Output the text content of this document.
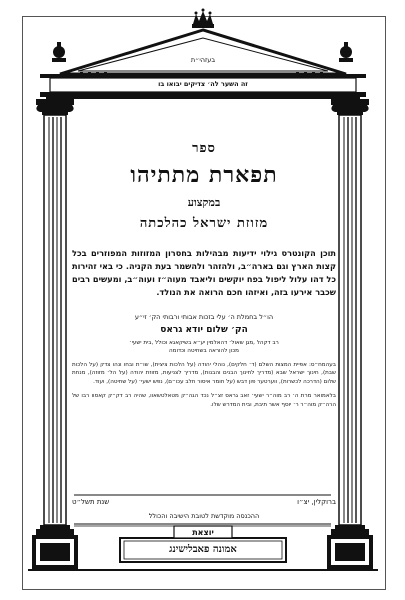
בעזהי״ת
זה השער לה׳ צדיקים יבואו בו
ספר
תפארת מתתיהו
במקצוע
מזוזת ישראל כהלכתה
תוכן הקונטרס גילוי ידיעות מבהילות בחסרון המזוזות המפוזרים בכל קצות הארץ וגם בארה״ב, ולהזהר ולהשמר בעת הקניה. כי באי זהירות כל דהו עלול ליפול בפח יוקשים וליאבד מעוה״ז ועוה״ב, ומעשים רבים שכבר אירעו בזה, ואיזהו חכם הרואה את הנולד.
הו״ל בחמלת ה׳ עלי בזכות אבותי ורבותי הק׳ זי״ע
הק׳ שלום יודא גראס
רב דקהל ,מגן שאול׳ דהאלמין יע״א בשיקאגא וכולל ,בית ישעי׳
מכון להוראה בשחיטה וכדומה
בעהמח״ס: אפיית המצות השלם (ד׳ חלקים), נוהלי יהודה (על הלכות ציצית), שו״ת ובחו ונהו צדק (על הלכות שבת), חינוך ישראל שבא (מדריך לחינוך הבנים והבנות), מדריך לצניעות, מזוזת יהודה (על הל׳ מזוזה), מנחת שלום (הדרכה לכשרות), ווערטער פון דבש (על חומר איסור חלב עכו״ם), נפש ישעי׳ (על שחיטה), ועוד.
בלאמואר מרת ה׳ רב מוה״ר ישעי׳ זאב גראס זצ״ל נכד הגה״ק מטאלטשאוו, שהיה רב דק״ק קאסוו רבו של הרה״ק מוה״ר ר׳ יוסף אשר תיבת, ובית המדרש שלו.
ברוקלין, יצ״ו
שנת תשל״ט
ההכנסה מוקדשת לטובת הישיבה והכולל
יוצאת
אמונה פאבלישינג
